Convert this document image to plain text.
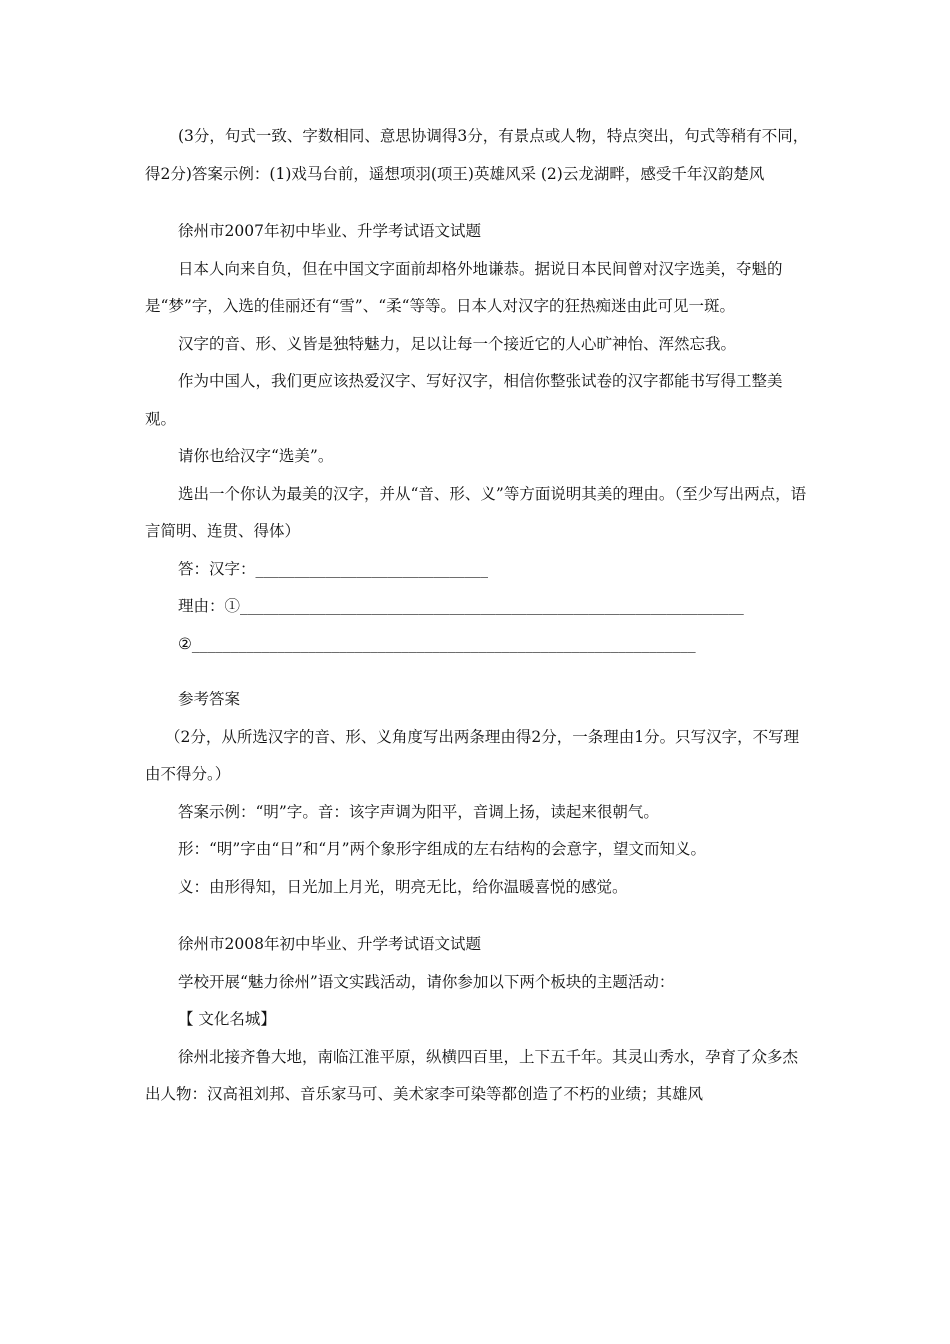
(3分，句式一致、字数相同、意思协调得3分，有景点或人物，特点突出，句式等稍有不同，得2分)答案示例：(1)戏马台前，遥想项羽(项王)英雄风采 (2)云龙湖畔，感受千年汉韵楚风

徐州市2007年初中毕业、升学考试语文试题

日本人向来自负，但在中国文字面前却格外地谦恭。据说日本民间曾对汉字选美，夺魁的是“梦”字，入选的佳丽还有“雪”、“柔“等等。日本人对汉字的狂热痴迷由此可见一斑。

汉字的音、形、义皆是独特魅力，足以让每一个接近它的人心旷神怡、浑然忘我。

作为中国人，我们更应该热爱汉字、写好汉字，相信你整张试卷的汉字都能书写得工整美观。

请你也给汉字“选美”。

选出一个你认为最美的汉字，并从“音、形、义”等方面说明其美的理由。（至少写出两点，语言简明、连贯、得体）

答：汉字：______________________________

理由：①_________________________________________________________________

②_________________________________________________________________

参考答案

（2分，从所选汉字的音、形、义角度写出两条理由得2分，一条理由1分。只写汉字，不写理由不得分。）

答案示例：“明”字。音：该字声调为阳平，音调上扬，读起来很朝气。

形：“明”字由“日”和“月”两个象形字组成的左右结构的会意字，望文而知义。

义：由形得知，日光加上月光，明亮无比，给你温暖喜悦的感觉。

徐州市2008年初中毕业、升学考试语文试题

学校开展“魅力徐州”语文实践活动，请你参加以下两个板块的主题活动：

【 文化名城】

徐州北接齐鲁大地，南临江淮平原，纵横四百里，上下五千年。其灵山秀水，孕育了众多杰出人物：汉高祖刘邦、音乐家马可、美术家李可染等都创造了不朽的业绩；其雄风
